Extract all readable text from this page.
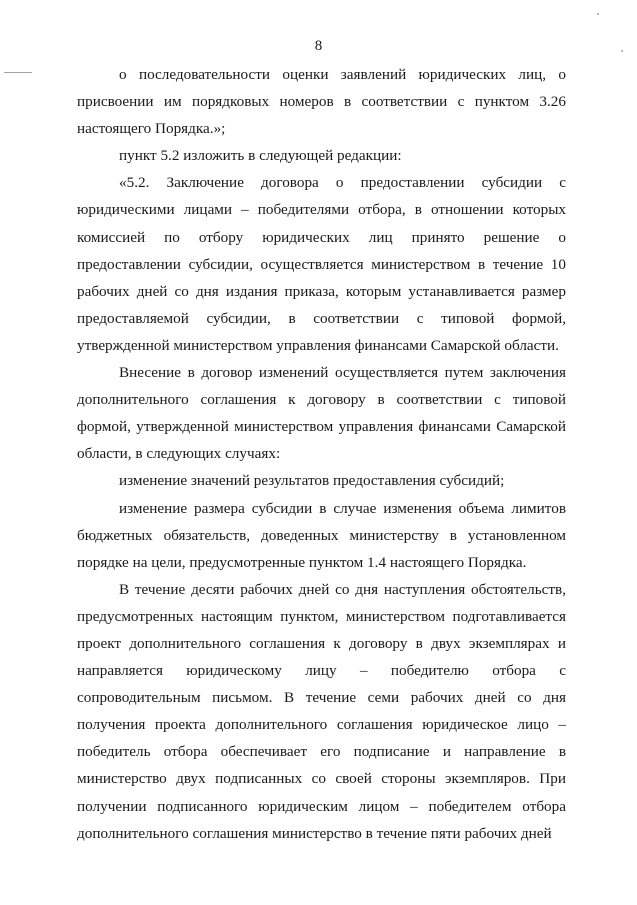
8

о последовательности оценки заявлений юридических лиц, о присвоении им порядковых номеров в соответствии с пунктом 3.26 настоящего Порядка.»;

пункт 5.2 изложить в следующей редакции:

«5.2. Заключение договора о предоставлении субсидии с юридическими лицами – победителями отбора, в отношении которых комиссией по отбору юридических лиц принято решение о предоставлении субсидии, осуществляется министерством в течение 10 рабочих дней со дня издания приказа, которым устанавливается размер предоставляемой субсидии, в соответствии с типовой формой, утвержденной министерством управления финансами Самарской области.

Внесение в договор изменений осуществляется путем заключения дополнительного соглашения к договору в соответствии с типовой формой, утвержденной министерством управления финансами Самарской области, в следующих случаях:

изменение значений результатов предоставления субсидий;

изменение размера субсидии в случае изменения объема лимитов бюджетных обязательств, доведенных министерству в установленном порядке на цели, предусмотренные пунктом 1.4 настоящего Порядка.

В течение десяти рабочих дней со дня наступления обстоятельств, предусмотренных настоящим пунктом, министерством подготавливается проект дополнительного соглашения к договору в двух экземплярах и направляется юридическому лицу – победителю отбора с сопроводительным письмом. В течение семи рабочих дней со дня получения проекта дополнительного соглашения юридическое лицо – победитель отбора обеспечивает его подписание и направление в министерство двух подписанных со своей стороны экземпляров. При получении подписанного юридическим лицом – победителем отбора дополнительного соглашения министерство в течение пяти рабочих дней
